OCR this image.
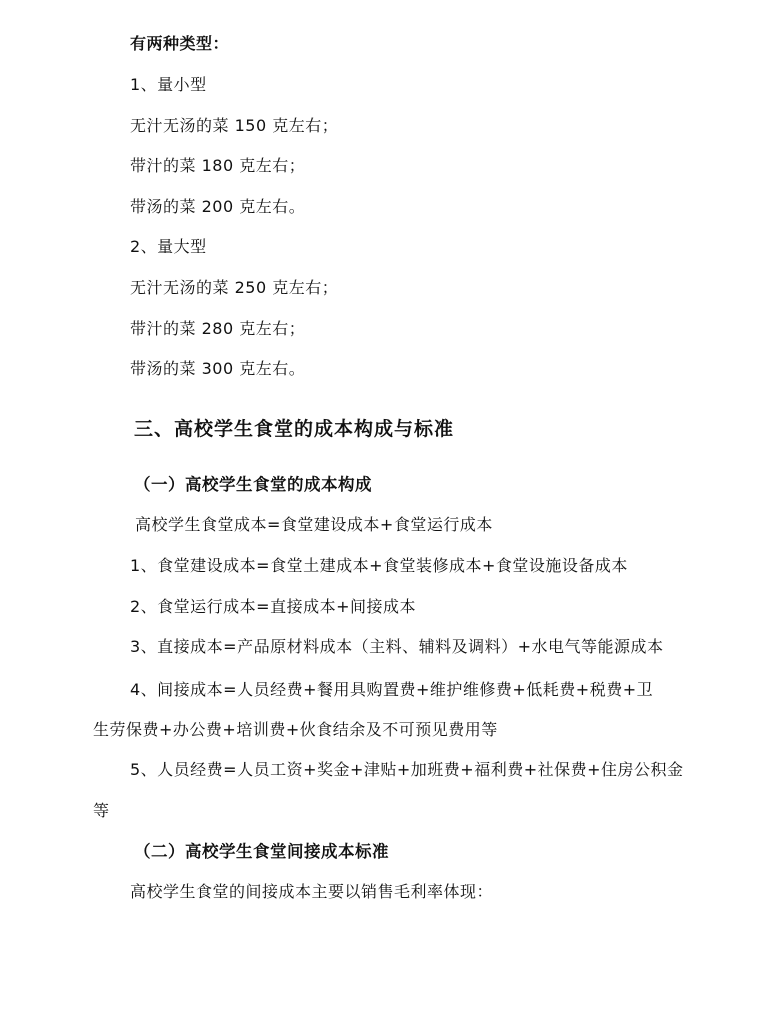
有两种类型：
1、量小型
无汁无汤的菜 150 克左右；
带汁的菜 180 克左右；
带汤的菜 200 克左右。
2、量大型
无汁无汤的菜 250 克左右；
带汁的菜 280 克左右；
带汤的菜 300 克左右。
三、高校学生食堂的成本构成与标准
（一）高校学生食堂的成本构成
高校学生食堂成本=食堂建设成本+食堂运行成本
1、食堂建设成本=食堂土建成本+食堂装修成本+食堂设施设备成本
2、食堂运行成本=直接成本+间接成本
3、直接成本=产品原材料成本（主料、辅料及调料）+水电气等能源成本
4、间接成本=人员经费+餐用具购置费+维护维修费+低耗费+税费+卫
生劳保费+办公费+培训费+伙食结余及不可预见费用等
5、人员经费=人员工资+奖金+津贴+加班费+福利费+社保费+住房公积金
等
（二）高校学生食堂间接成本标准
高校学生食堂的间接成本主要以销售毛利率体现：
